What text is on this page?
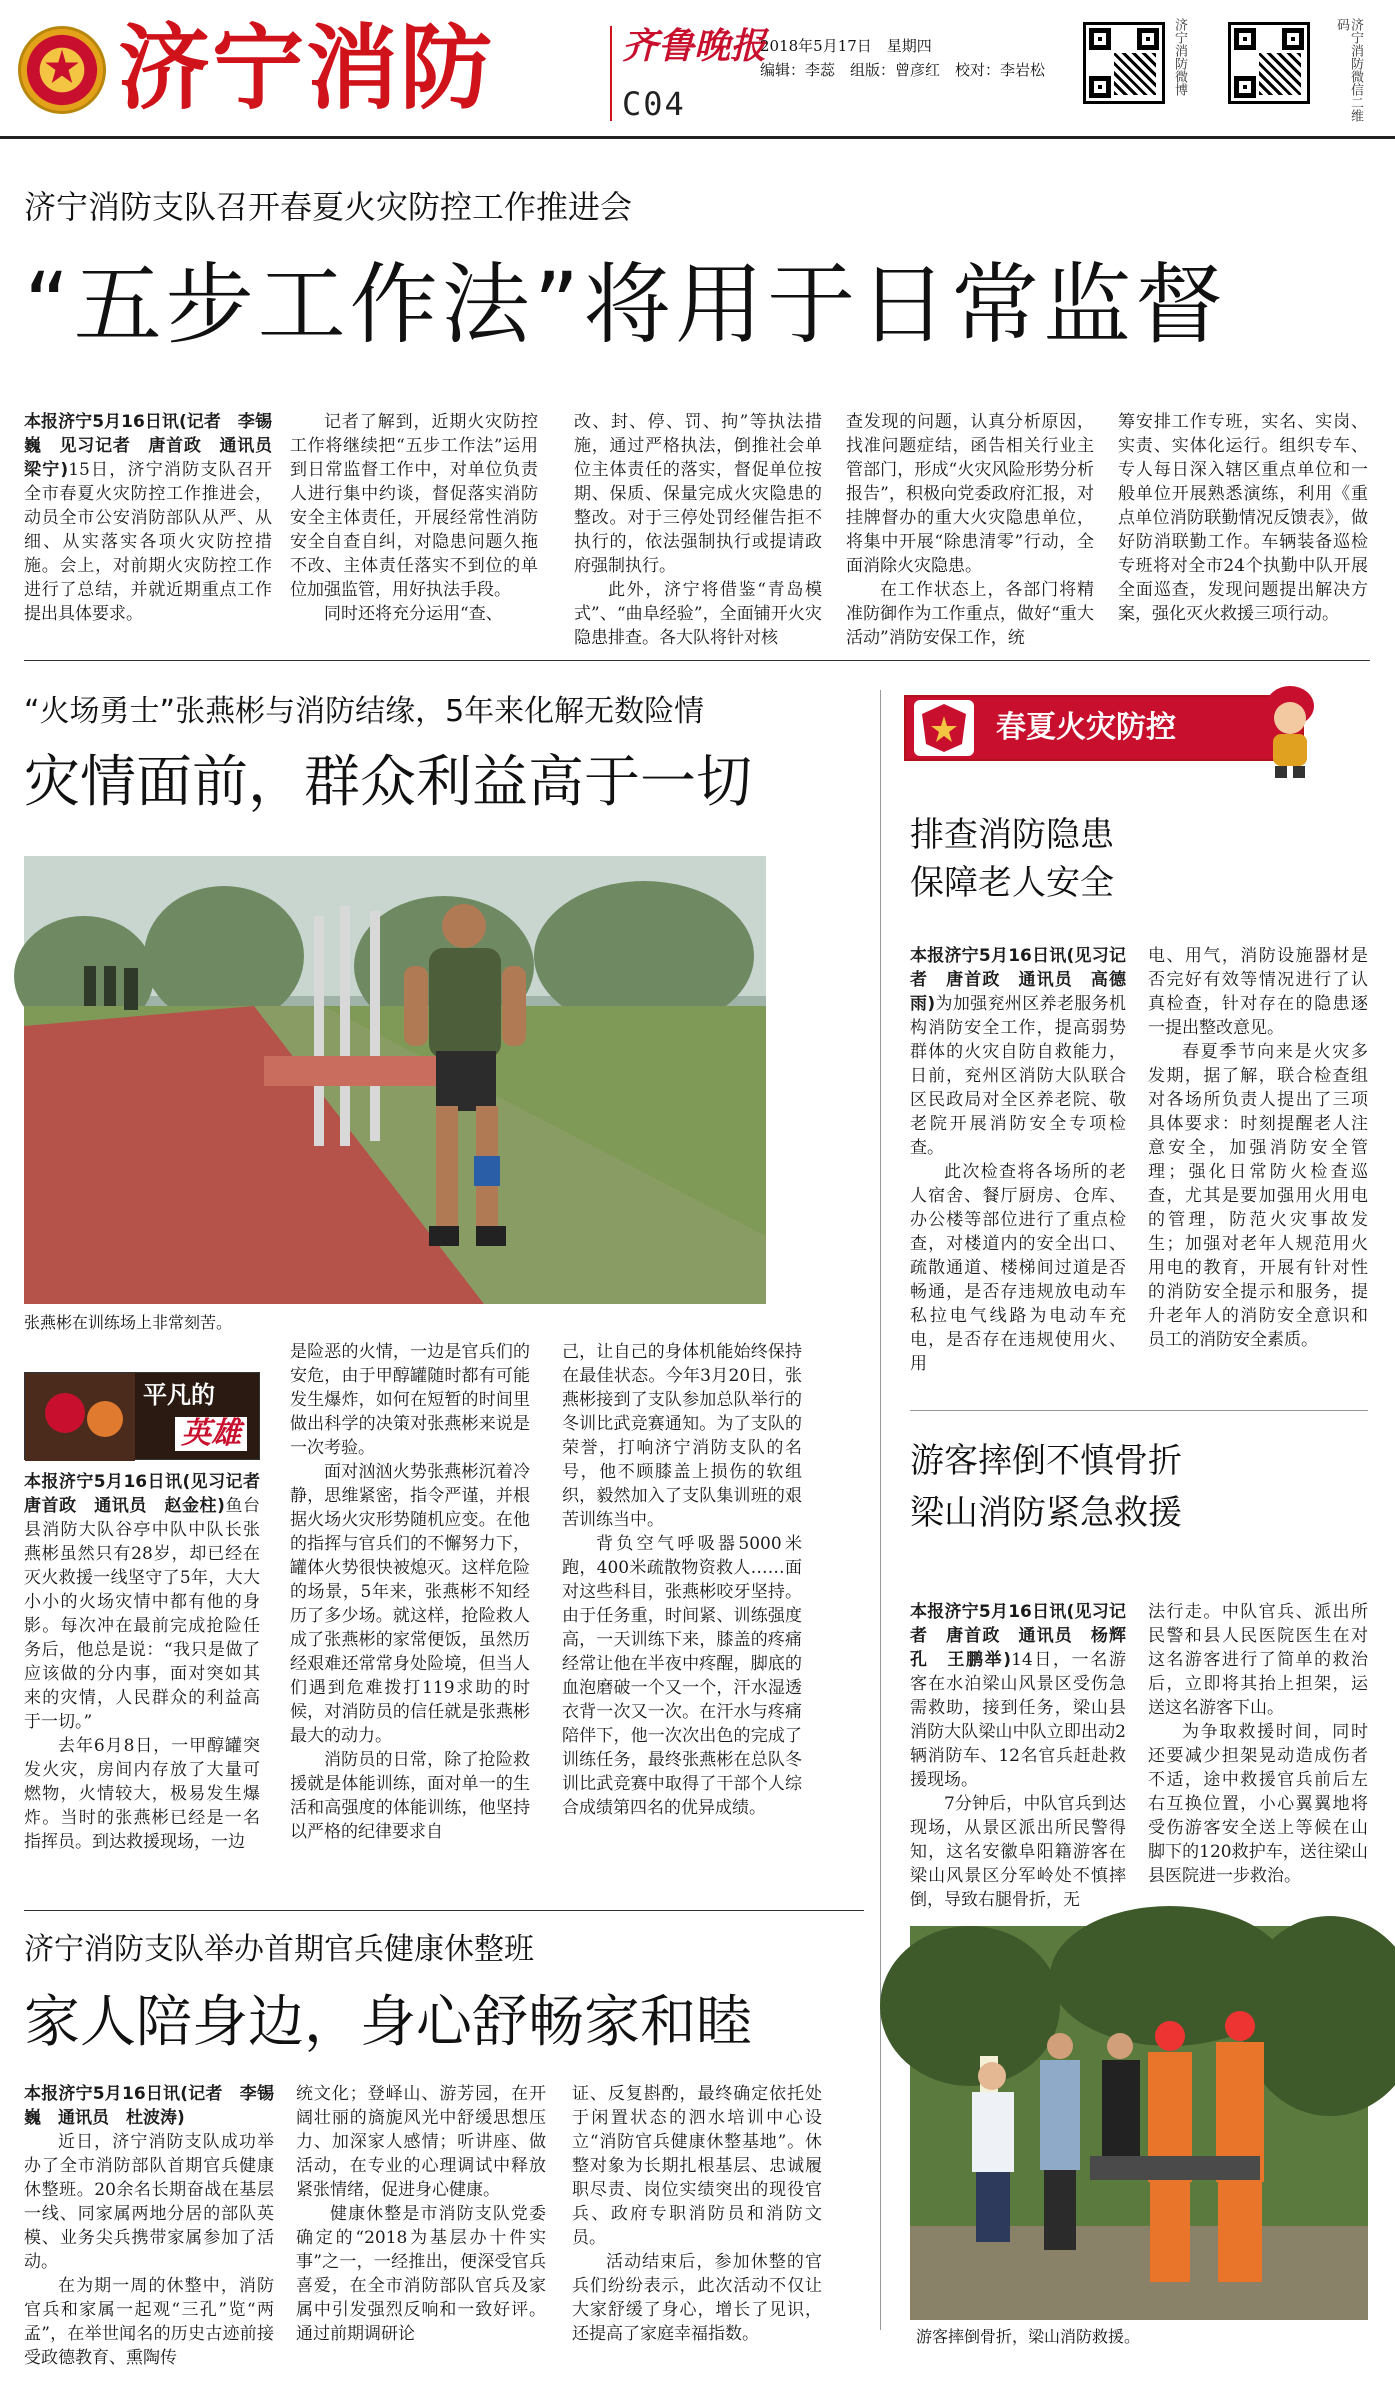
济宁消防	齐鲁晚报
C04
2018年5月17日　星期四
编辑：李蕊　组版：曾彦红　校对：李岩松	济宁消防微博	济宁消防微信二维码
济宁消防支队召开春夏火灾防控工作推进会
“五步工作法”将用于日常监督

本报济宁5月16日讯(记者　李锡巍　见习记者　唐首政　通讯员　梁宁)15日，济宁消防支队召开全市春夏火灾防控工作推进会，动员全市公安消防部队从严、从细、从实落实各项火灾防控措施。会上，对前期火灾防控工作进行了总结，并就近期重点工作提出具体要求。

记者了解到，近期火灾防控工作将继续把“五步工作法”运用到日常监督工作中，对单位负责人进行集中约谈，督促落实消防安全主体责任，开展经常性消防安全自查自纠，对隐患问题久拖不改、主体责任落实不到位的单位加强监管，用好执法手段。

同时还将充分运用“查、

改、封、停、罚、拘”等执法措施，通过严格执法，倒推社会单位主体责任的落实，督促单位按期、保质、保量完成火灾隐患的整改。对于三停处罚经催告拒不执行的，依法强制执行或提请政府强制执行。

此外，济宁将借鉴“青岛模式”、“曲阜经验”，全面铺开火灾隐患排查。各大队将针对核

查发现的问题，认真分析原因，找准问题症结，函告相关行业主管部门，形成“火灾风险形势分析报告”，积极向党委政府汇报，对挂牌督办的重大火灾隐患单位，将集中开展“除患清零”行动，全面消除火灾隐患。

在工作状态上，各部门将精准防御作为工作重点，做好“重大活动”消防安保工作，统

筹安排工作专班，实名、实岗、实责、实体化运行。组织专车、专人每日深入辖区重点单位和一般单位开展熟悉演练，利用《重点单位消防联勤情况反馈表》，做好防消联勤工作。车辆装备巡检专班将对全市24个执勤中队开展全面巡查，发现问题提出解决方案，强化灭火救援三项行动。

“火场勇士”张燕彬与消防结缘，5年来化解无数险情
灾情面前，群众利益高于一切
张燕彬在训练场上非常刻苦。
平凡的
英雄

本报济宁5月16日讯(见习记者　唐首政　通讯员　赵金柱)鱼台县消防大队谷亭中队中队长张燕彬虽然只有28岁，却已经在灭火救援一线坚守了5年，大大小小的火场灾情中都有他的身影。每次冲在最前完成抢险任务后，他总是说：“我只是做了应该做的分内事，面对突如其来的灾情，人民群众的利益高于一切。”

去年6月8日，一甲醇罐突发火灾，房间内存放了大量可燃物，火情较大，极易发生爆炸。当时的张燕彬已经是一名指挥员。到达救援现场，一边

是险恶的火情，一边是官兵们的安危，由于甲醇罐随时都有可能发生爆炸，如何在短暂的时间里做出科学的决策对张燕彬来说是一次考验。

面对汹汹火势张燕彬沉着冷静，思维紧密，指令严谨，并根据火场火灾形势随机应变。在他的指挥与官兵们的不懈努力下，罐体火势很快被熄灭。这样危险的场景，5年来，张燕彬不知经历了多少场。就这样，抢险救人成了张燕彬的家常便饭，虽然历经艰难还常常身处险境，但当人们遇到危难拨打119求助的时候，对消防员的信任就是张燕彬最大的动力。

消防员的日常，除了抢险救援就是体能训练，面对单一的生活和高强度的体能训练，他坚持以严格的纪律要求自

己，让自己的身体机能始终保持在最佳状态。今年3月20日，张燕彬接到了支队参加总队举行的冬训比武竞赛通知。为了支队的荣誉，打响济宁消防支队的名号，他不顾膝盖上损伤的软组织，毅然加入了支队集训班的艰苦训练当中。

背负空气呼吸器5000米跑，400米疏散物资救人……面对这些科目，张燕彬咬牙坚持。由于任务重，时间紧、训练强度高，一天训练下来，膝盖的疼痛经常让他在半夜中疼醒，脚底的血泡磨破一个又一个，汗水湿透衣背一次又一次。在汗水与疼痛陪伴下，他一次次出色的完成了训练任务，最终张燕彬在总队冬训比武竞赛中取得了干部个人综合成绩第四名的优异成绩。

春夏火灾防控
排查消防隐患
保障老人安全

本报济宁5月16日讯(见习记者　唐首政　通讯员　高德雨)为加强兖州区养老服务机构消防安全工作，提高弱势群体的火灾自防自救能力，日前，兖州区消防大队联合区民政局对全区养老院、敬老院开展消防安全专项检查。

此次检查将各场所的老人宿舍、餐厅厨房、仓库、办公楼等部位进行了重点检查，对楼道内的安全出口、疏散通道、楼梯间过道是否畅通，是否存违规放电动车私拉电气线路为电动车充电，是否存在违规使用火、用

电、用气，消防设施器材是否完好有效等情况进行了认真检查，针对存在的隐患逐一提出整改意见。

春夏季节向来是火灾多发期，据了解，联合检查组对各场所负责人提出了三项具体要求：时刻提醒老人注意安全，加强消防安全管理；强化日常防火检查巡查，尤其是要加强用火用电的管理，防范火灾事故发生；加强对老年人规范用火用电的教育，开展有针对性的消防安全提示和服务，提升老年人的消防安全意识和员工的消防安全素质。

游客摔倒不慎骨折
梁山消防紧急救援

本报济宁5月16日讯(见习记者　唐首政　通讯员　杨辉孔　王鹏举)14日，一名游客在水泊梁山风景区受伤急需救助，接到任务，梁山县消防大队梁山中队立即出动2辆消防车、12名官兵赶赴救援现场。

7分钟后，中队官兵到达现场，从景区派出所民警得知，这名安徽阜阳籍游客在梁山风景区分军岭处不慎摔倒，导致右腿骨折，无

法行走。中队官兵、派出所民警和县人民医院医生在对这名游客进行了简单的救治后，立即将其抬上担架，运送这名游客下山。

为争取救援时间，同时还要减少担架晃动造成伤者不适，途中救援官兵前后左右互换位置，小心翼翼地将受伤游客安全送上等候在山脚下的120救护车，送往梁山县医院进一步救治。

游客摔倒骨折，梁山消防救援。
济宁消防支队举办首期官兵健康休整班
家人陪身边，身心舒畅家和睦

本报济宁5月16日讯(记者　李锡巍　通讯员　杜波涛)

近日，济宁消防支队成功举办了全市消防部队首期官兵健康休整班。20余名长期奋战在基层一线、同家属两地分居的部队英模、业务尖兵携带家属参加了活动。

在为期一周的休整中，消防官兵和家属一起观“三孔”览“两孟”，在举世闻名的历史古迹前接受政德教育、熏陶传

统文化；登峄山、游芳园，在开阔壮丽的旖旎风光中舒缓思想压力、加深家人感情；听讲座、做活动，在专业的心理调试中释放紧张情绪，促进身心健康。

健康休整是市消防支队党委确定的“2018为基层办十件实事”之一，一经推出，便深受官兵喜爱，在全市消防部队官兵及家属中引发强烈反响和一致好评。通过前期调研论

证、反复斟酌，最终确定依托处于闲置状态的泗水培训中心设立“消防官兵健康休整基地”。休整对象为长期扎根基层、忠诚履职尽责、岗位实绩突出的现役官兵、政府专职消防员和消防文员。

活动结束后，参加休整的官兵们纷纷表示，此次活动不仅让大家舒缓了身心，增长了见识，还提高了家庭幸福指数。
